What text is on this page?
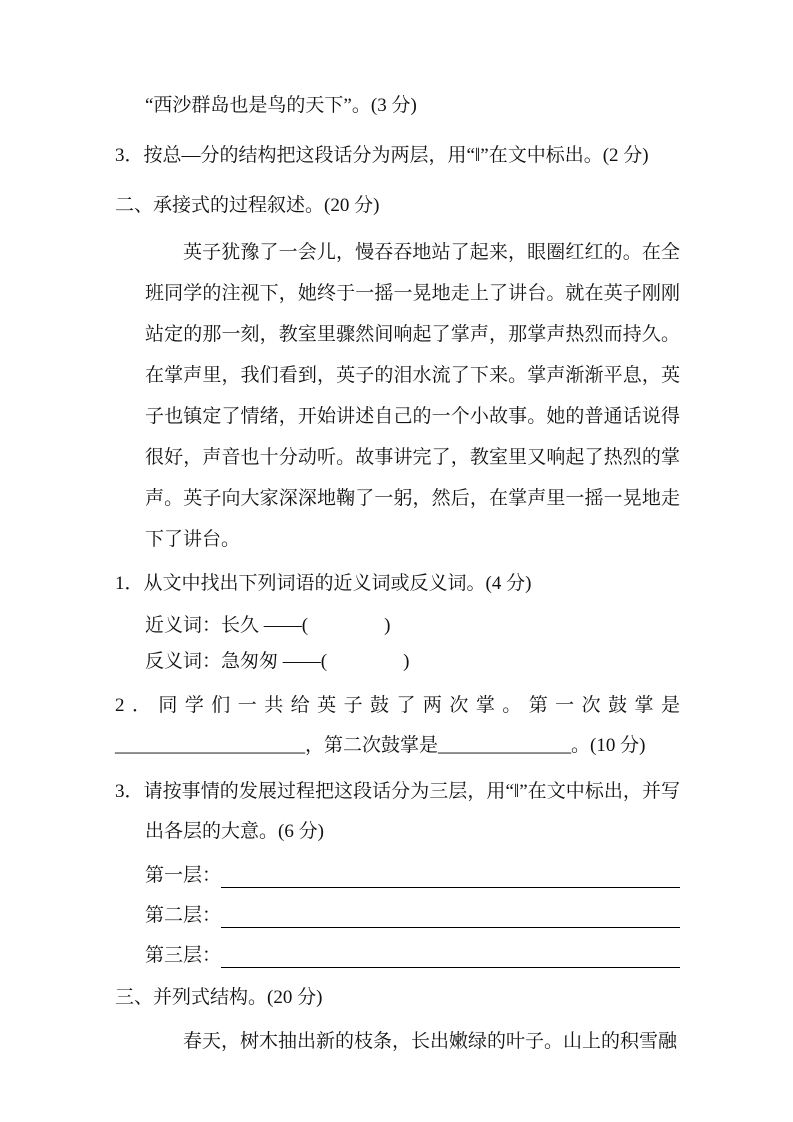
“西沙群岛也是鸟的天下”。(3 分)

3．按总—分的结构把这段话分为两层，用“‖”在文中标出。(2 分)

二、承接式的过程叙述。(20 分)

英子犹豫了一会儿，慢吞吞地站了起来，眼圈红红的。在全班同学的注视下，她终于一摇一晃地走上了讲台。就在英子刚刚站定的那一刻，教室里骤然间响起了掌声，那掌声热烈而持久。在掌声里，我们看到，英子的泪水流了下来。掌声渐渐平息，英子也镇定了情绪，开始讲述自己的一个小故事。她的普通话说得很好，声音也十分动听。故事讲完了，教室里又响起了热烈的掌声。英子向大家深深地鞠了一躬，然后，在掌声里一摇一晃地走下了讲台。

1．从文中找出下列词语的近义词或反义词。(4 分)

近义词：长久 ——(　　　　)

反义词：急匆匆 ——(　　　　)

2．同学们一共给英子鼓了两次掌。第一次鼓掌是____________________，第二次鼓掌是______________。(10 分)

3．请按事情的发展过程把这段话分为三层，用“‖”在文中标出，并写出各层的大意。(6 分)

第一层：
第二层：
第三层：
三、并列式结构。(20 分)

春天，树木抽出新的枝条，长出嫩绿的叶子。山上的积雪融
